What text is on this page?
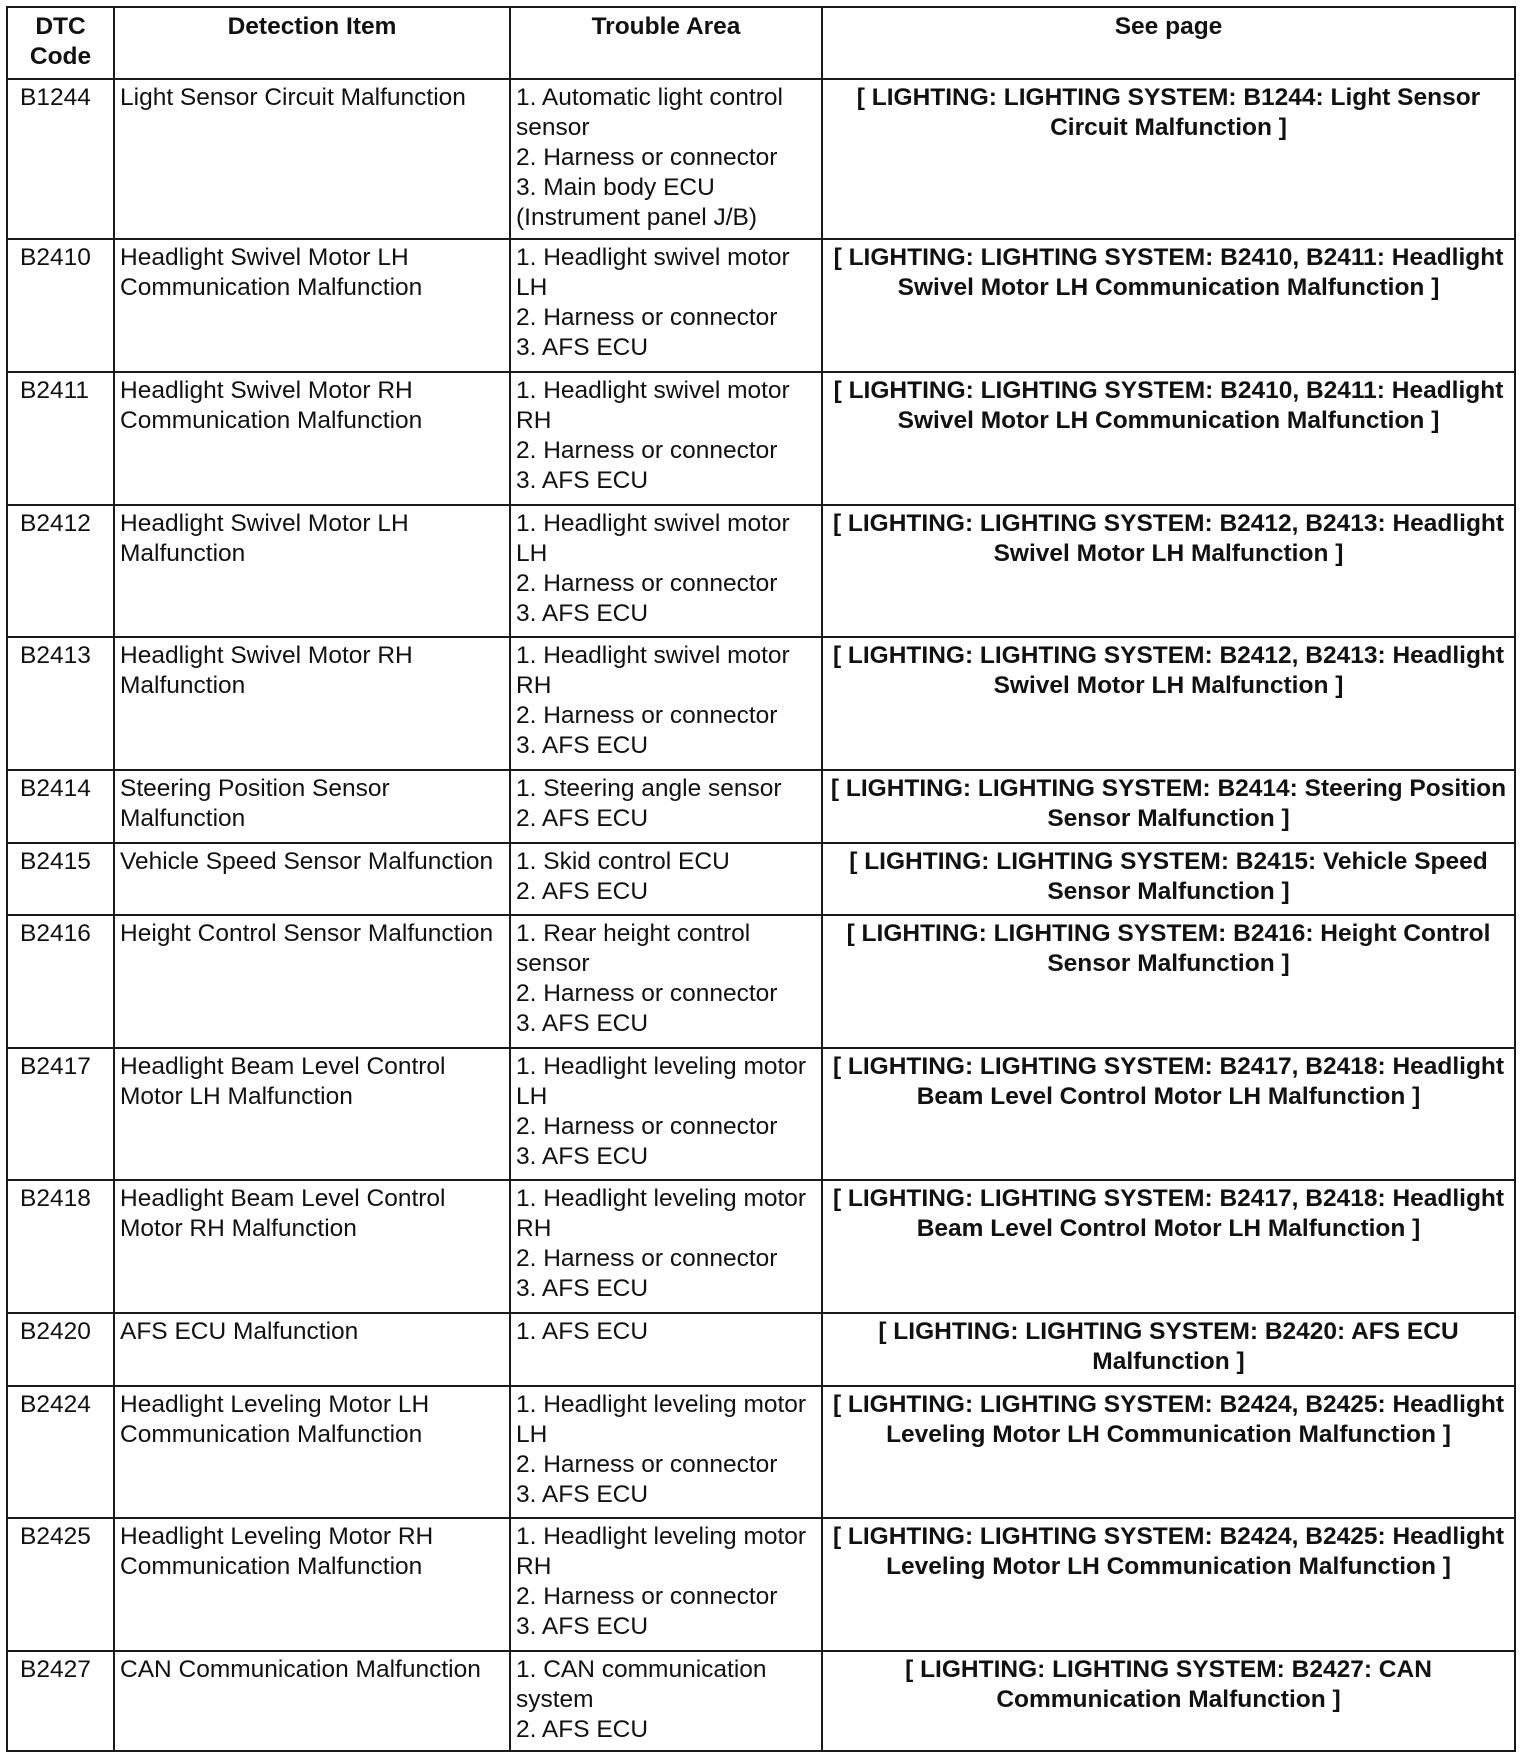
DTC Code	Detection Item	Trouble Area	See page
B1244	Light Sensor Circuit Malfunction	1. Automatic light control sensor
2. Harness or connector
3. Main body ECU (Instrument panel J/B)	[ LIGHTING: LIGHTING SYSTEM: B1244: Light Sensor Circuit Malfunction ]
B2410	Headlight Swivel Motor LH Communication Malfunction	1. Headlight swivel motor LH
2. Harness or connector
3. AFS ECU	[ LIGHTING: LIGHTING SYSTEM: B2410, B2411: Headlight Swivel Motor LH Communication Malfunction ]
B2411	Headlight Swivel Motor RH Communication Malfunction	1. Headlight swivel motor RH
2. Harness or connector
3. AFS ECU	[ LIGHTING: LIGHTING SYSTEM: B2410, B2411: Headlight Swivel Motor LH Communication Malfunction ]
B2412	Headlight Swivel Motor LH Malfunction	1. Headlight swivel motor LH
2. Harness or connector
3. AFS ECU	[ LIGHTING: LIGHTING SYSTEM: B2412, B2413: Headlight Swivel Motor LH Malfunction ]
B2413	Headlight Swivel Motor RH Malfunction	1. Headlight swivel motor RH
2. Harness or connector
3. AFS ECU	[ LIGHTING: LIGHTING SYSTEM: B2412, B2413: Headlight Swivel Motor LH Malfunction ]
B2414	Steering Position Sensor Malfunction	1. Steering angle sensor
2. AFS ECU	[ LIGHTING: LIGHTING SYSTEM: B2414: Steering Position Sensor Malfunction ]
B2415	Vehicle Speed Sensor Malfunction	1. Skid control ECU
2. AFS ECU	[ LIGHTING: LIGHTING SYSTEM: B2415: Vehicle Speed Sensor Malfunction ]
B2416	Height Control Sensor Malfunction	1. Rear height control sensor
2. Harness or connector
3. AFS ECU	[ LIGHTING: LIGHTING SYSTEM: B2416: Height Control Sensor Malfunction ]
B2417	Headlight Beam Level Control Motor LH Malfunction	1. Headlight leveling motor LH
2. Harness or connector
3. AFS ECU	[ LIGHTING: LIGHTING SYSTEM: B2417, B2418: Headlight Beam Level Control Motor LH Malfunction ]
B2418	Headlight Beam Level Control Motor RH Malfunction	1. Headlight leveling motor RH
2. Harness or connector
3. AFS ECU	[ LIGHTING: LIGHTING SYSTEM: B2417, B2418: Headlight Beam Level Control Motor LH Malfunction ]
B2420	AFS ECU Malfunction	1. AFS ECU	[ LIGHTING: LIGHTING SYSTEM: B2420: AFS ECU Malfunction ]
B2424	Headlight Leveling Motor LH Communication Malfunction	1. Headlight leveling motor LH
2. Harness or connector
3. AFS ECU	[ LIGHTING: LIGHTING SYSTEM: B2424, B2425: Headlight Leveling Motor LH Communication Malfunction ]
B2425	Headlight Leveling Motor RH Communication Malfunction	1. Headlight leveling motor RH
2. Harness or connector
3. AFS ECU	[ LIGHTING: LIGHTING SYSTEM: B2424, B2425: Headlight Leveling Motor LH Communication Malfunction ]
B2427	CAN Communication Malfunction	1. CAN communication system
2. AFS ECU	[ LIGHTING: LIGHTING SYSTEM: B2427: CAN Communication Malfunction ]
